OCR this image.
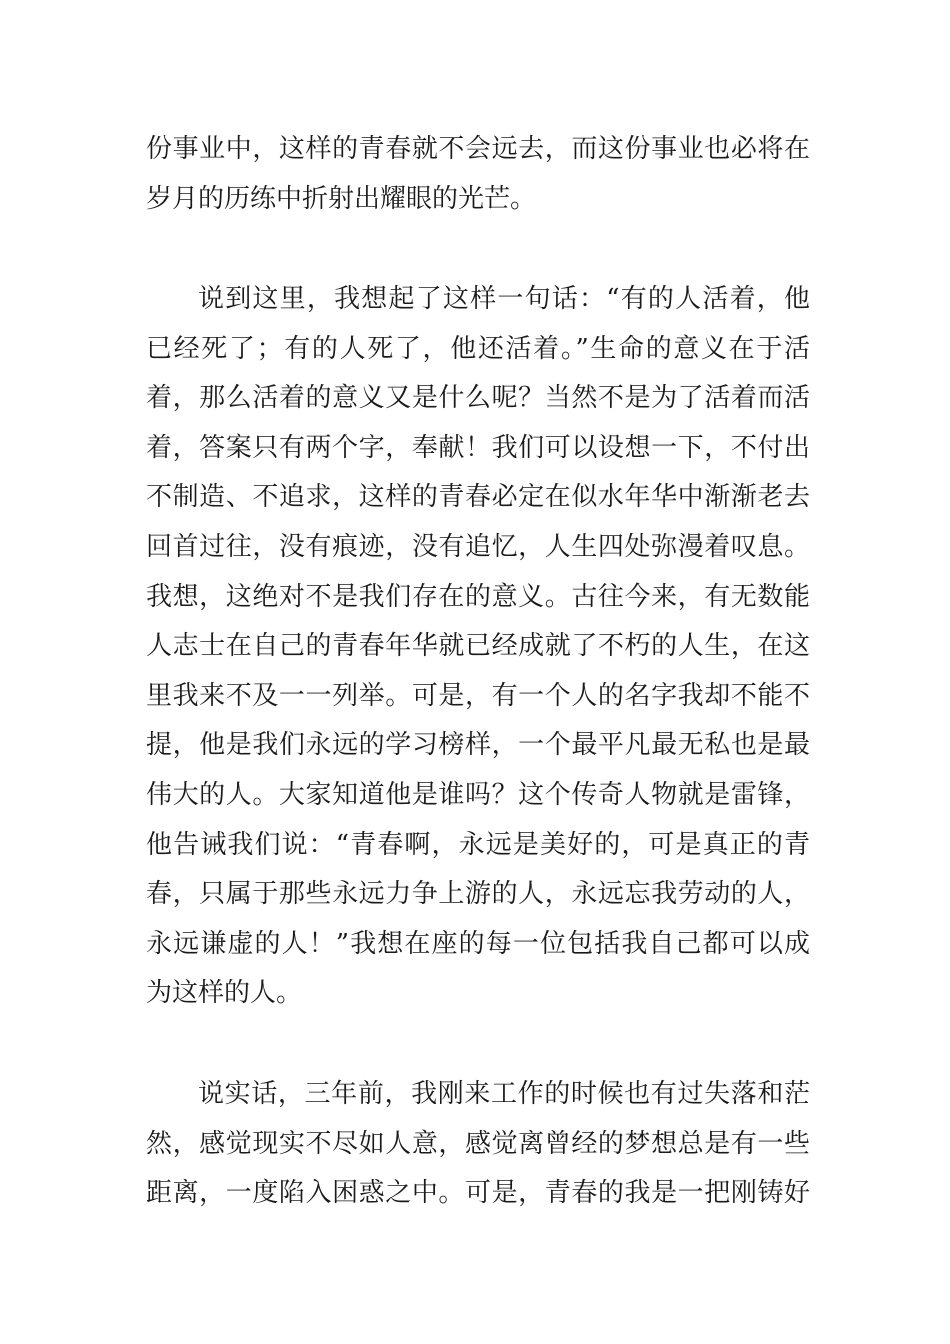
份事业中，这样的青春就不会远去，而这份事业也必将在
岁月的历练中折射出耀眼的光芒。
说到这里，我想起了这样一句话：“有的人活着，他
已经死了；有的人死了，他还活着。”生命的意义在于活
着，那么活着的意义又是什么呢？当然不是为了活着而活
着，答案只有两个字，奉献！我们可以设想一下，不付出
不制造、不追求，这样的青春必定在似水年华中渐渐老去
回首过往，没有痕迹，没有追忆，人生四处弥漫着叹息。
我想，这绝对不是我们存在的意义。古往今来，有无数能
人志士在自己的青春年华就已经成就了不朽的人生，在这
里我来不及一一列举。可是，有一个人的名字我却不能不
提，他是我们永远的学习榜样，一个最平凡最无私也是最
伟大的人。大家知道他是谁吗？这个传奇人物就是雷锋，
他告诫我们说：“青春啊，永远是美好的，可是真正的青
春，只属于那些永远力争上游的人，永远忘我劳动的人，
永远谦虚的人！”我想在座的每一位包括我自己都可以成
为这样的人。
说实话，三年前，我刚来工作的时候也有过失落和茫
然，感觉现实不尽如人意，感觉离曾经的梦想总是有一些
距离，一度陷入困惑之中。可是，青春的我是一把刚铸好
